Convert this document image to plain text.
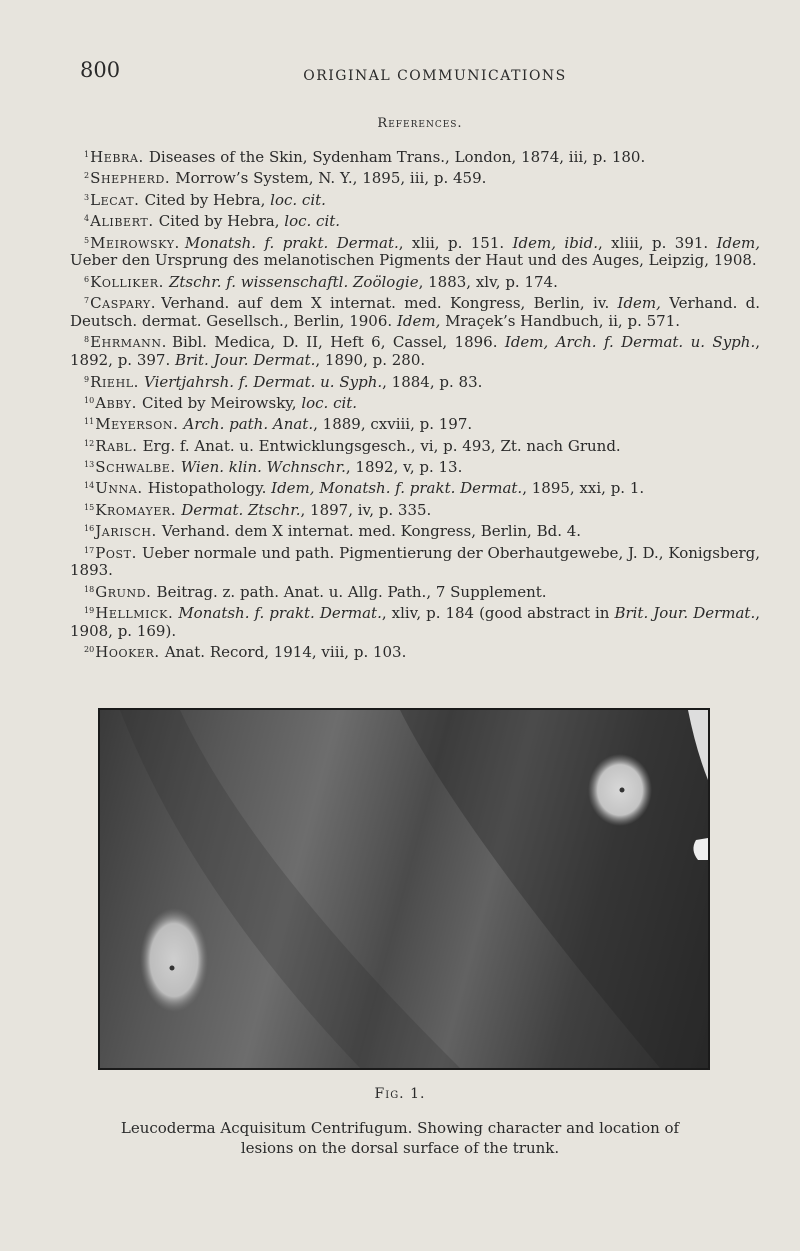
800	ORIGINAL COMMUNICATIONS
References.

$^1$Hebra. Diseases of the Skin, Sydenham Trans., London, 1874, iii, p. 180.

$^2$Shepherd. Morrow’s System, N. Y., 1895, iii, p. 459.

$^3$Lecat. Cited by Hebra, loc. cit.

$^4$Alibert. Cited by Hebra, loc. cit.

$^5$Meirowsky. Monatsh. f. prakt. Dermat., xlii, p. 151. Idem, ibid., xliii, p. 391. Idem, Ueber den Ursprung des melanotischen Pigments der Haut und des Auges, Leipzig, 1908.

$^6$Kolliker. Ztschr. f. wissenschaftl. Zoölogie, 1883, xlv, p. 174.

$^7$Caspary. Verhand. auf dem X internat. med. Kongress, Berlin, iv. Idem, Verhand. d. Deutsch. dermat. Gesellsch., Berlin, 1906. Idem, Mraçek’s Handbuch, ii, p. 571.

$^8$Ehrmann. Bibl. Medica, D. II, Heft 6, Cassel, 1896. Idem, Arch. f. Dermat. u. Syph., 1892, p. 397. Brit. Jour. Dermat., 1890, p. 280.

$^9$Riehl. Viertjahrsh. f. Dermat. u. Syph., 1884, p. 83.

$^{10}$Abby. Cited by Meirowsky, loc. cit.

$^{11}$Meyerson. Arch. path. Anat., 1889, cxviii, p. 197.

$^{12}$Rabl. Erg. f. Anat. u. Entwicklungsgesch., vi, p. 493, Zt. nach Grund.

$^{13}$Schwalbe. Wien. klin. Wchnschr., 1892, v, p. 13.

$^{14}$Unna. Histopathology. Idem, Monatsh. f. prakt. Dermat., 1895, xxi, p. 1.

$^{15}$Kromayer. Dermat. Ztschr., 1897, iv, p. 335.

$^{16}$Jarisch. Verhand. dem X internat. med. Kongress, Berlin, Bd. 4.

$^{17}$Post. Ueber normale und path. Pigmentierung der Oberhautgewebe, J. D., Konigsberg, 1893.

$^{18}$Grund. Beitrag. z. path. Anat. u. Allg. Path., 7 Supplement.

$^{19}$Hellmick. Monatsh. f. prakt. Dermat., xliv, p. 184 (good abstract in Brit. Jour. Dermat., 1908, p. 169).

$^{20}$Hooker. Anat. Record, 1914, viii, p. 103.

Fig. 1.
Leucoderma Acquisitum Centrifugum. Showing character and location of lesions on the dorsal surface of the trunk.
